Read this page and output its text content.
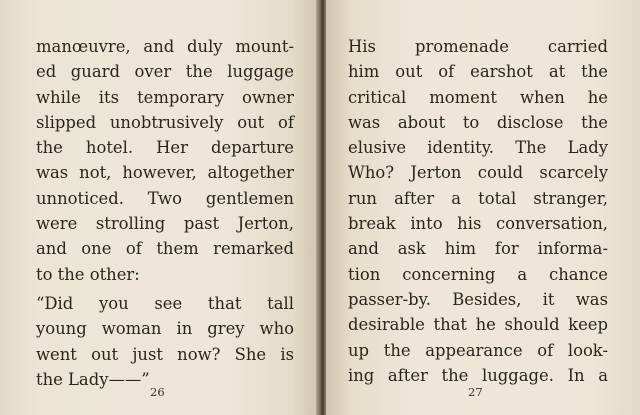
manœuvre, and duly mount-
ed guard over the luggage
while its temporary owner
slipped unobtrusively out of
the hotel. Her departure
was not, however, altogether
unnoticed. Two gentlemen
were strolling past Jerton,
and one of them remarked
to the other:
“Did you see that tall
young woman in grey who
went out just now? She is
the Lady——”
26
His promenade carried
him out of earshot at the
critical moment when he
was about to disclose the
elusive identity. The Lady
Who? Jerton could scarcely
run after a total stranger,
break into his conversation,
and ask him for informa-
tion concerning a chance
passer-by. Besides, it was
desirable that he should keep
up the appearance of look-
ing after the luggage. In a
27
